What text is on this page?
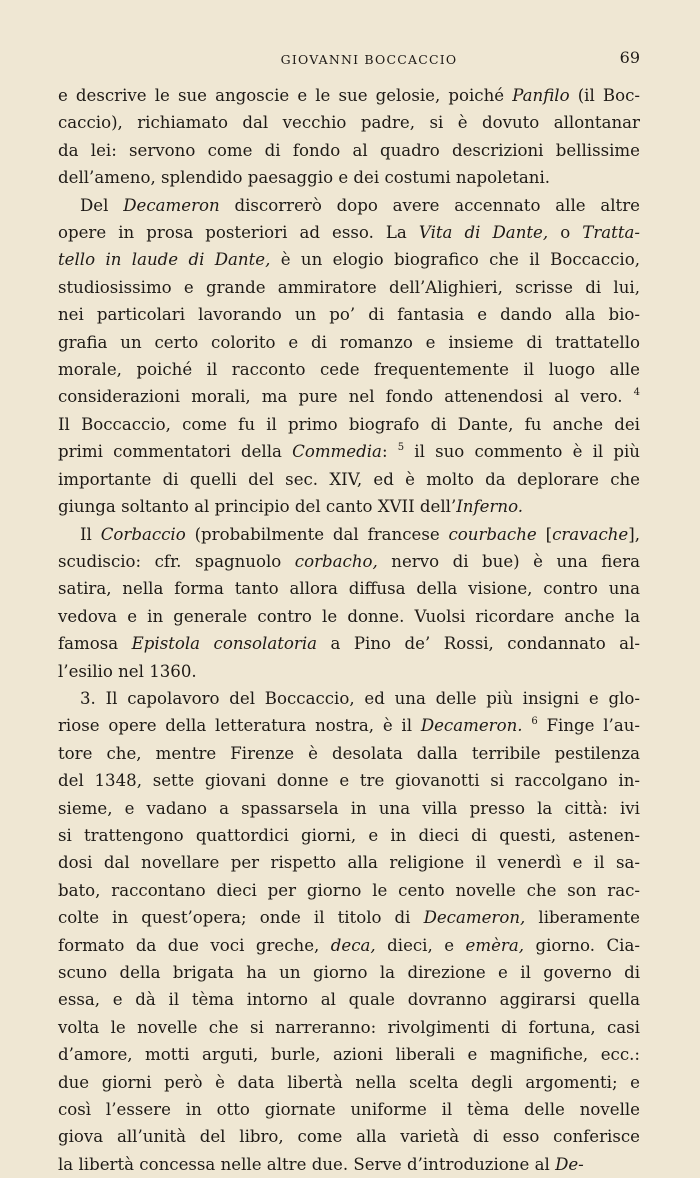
GIOVANNI BOCCACCIO	69
e descrive le sue angoscie e le sue gelosie, poiché Panfilo (il Boc-
caccio), richiamato dal vecchio padre, si è dovuto allontanar
da lei: servono come di fondo al quadro descrizioni bellissime
dell’ameno, splendido paesaggio e dei costumi napoletani.
Del Decameron discorrerò dopo avere accennato alle altre
opere in prosa posteriori ad esso. La Vita di Dante, o Tratta-
tello in laude di Dante, è un elogio biografico che il Boccaccio,
studiosissimo e grande ammiratore dell’Alighieri, scrisse di lui,
nei particolari lavorando un po’ di fantasia e dando alla bio-
grafia un certo colorito e di romanzo e insieme di trattatello
morale, poiché il racconto cede frequentemente il luogo alle
considerazioni morali, ma pure nel fondo attenendosi al vero. $^4$
Il Boccaccio, come fu il primo biografo di Dante, fu anche dei
primi commentatori della Commedia: $^5$ il suo commento è il più
importante di quelli del sec. XIV, ed è molto da deplorare che
giunga soltanto al principio del canto XVII dell’Inferno.
Il Corbaccio (probabilmente dal francese courbache [cravache],
scudiscio: cfr. spagnuolo corbacho, nervo di bue) è una fiera
satira, nella forma tanto allora diffusa della visione, contro una
vedova e in generale contro le donne. Vuolsi ricordare anche la
famosa Epistola consolatoria a Pino de’ Rossi, condannato al-
l’esilio nel 1360.
3. Il capolavoro del Boccaccio, ed una delle più insigni e glo-
riose opere della letteratura nostra, è il Decameron. $^6$ Finge l’au-
tore che, mentre Firenze è desolata dalla terribile pestilenza
del 1348, sette giovani donne e tre giovanotti si raccolgano in-
sieme, e vadano a spassarsela in una villa presso la città: ivi
si trattengono quattordici giorni, e in dieci di questi, astenen-
dosi dal novellare per rispetto alla religione il venerdì e il sa-
bato, raccontano dieci per giorno le cento novelle che son rac-
colte in quest’opera; onde il titolo di Decameron, liberamente
formato da due voci greche, deca, dieci, e emèra, giorno. Cia-
scuno della brigata ha un giorno la direzione e il governo di
essa, e dà il tèma intorno al quale dovranno aggirarsi quella
volta le novelle che si narreranno: rivolgimenti di fortuna, casi
d’amore, motti arguti, burle, azioni liberali e magnifiche, ecc.:
due giorni però è data libertà nella scelta degli argomenti; e
così l’essere in otto giornate uniforme il tèma delle novelle
giova all’unità del libro, come alla varietà di esso conferisce
la libertà concessa nelle altre due. Serve d’introduzione al De-
